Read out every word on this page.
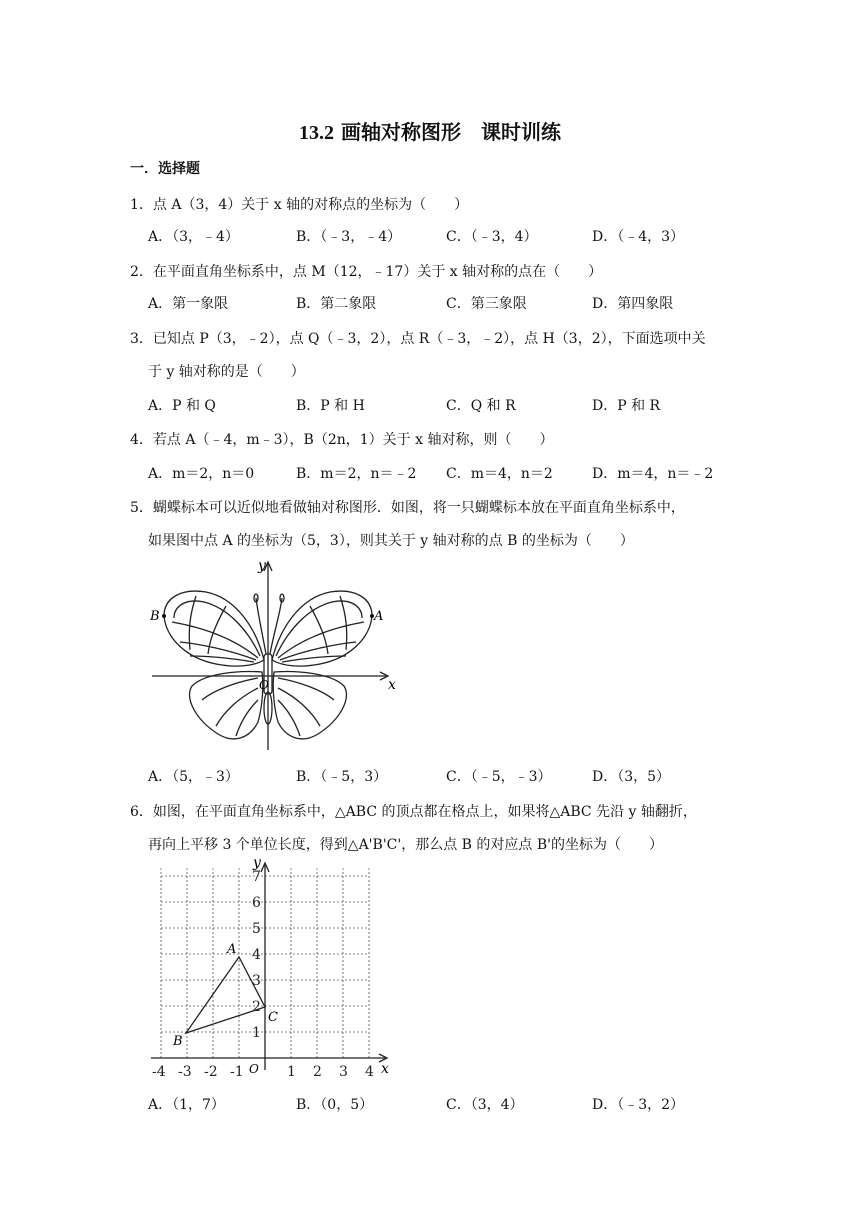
13.2 画轴对称图形　课时训练
一．选择题
1．点 A（3，4）关于 x 轴的对称点的坐标为（　　）
A．（3，﹣4）	B．（﹣3，﹣4）	C．（﹣3，4）	D．（﹣4，3）
2．在平面直角坐标系中，点 M（12，﹣17）关于 x 轴对称的点在（　　）
A．第一象限	B．第二象限	C．第三象限	D．第四象限
3．已知点 P（3，﹣2），点 Q（﹣3，2），点 R（﹣3，﹣2），点 H（3，2），下面选项中关
于 y 轴对称的是（　　）
A．P 和 Q	B．P 和 H	C．Q 和 R	D．P 和 R
4．若点 A（﹣4，m﹣3），B（2n，1）关于 x 轴对称，则（　　）
A．m＝2，n＝0	B．m＝2，n＝﹣2 C．m＝4，n＝2	D．m＝4，n＝﹣2
5．蝴蝶标本可以近似地看做轴对称图形．如图，将一只蝴蝶标本放在平面直角坐标系中，
如果图中点 A 的坐标为（5，3），则其关于 y 轴对称的点 B 的坐标为（　　）
y
x
O
A
B
A．（5，﹣3）	B．（﹣5，3）	C．（﹣5，﹣3）	D．（3，5）
6．如图，在平面直角坐标系中，△ABC 的顶点都在格点上，如果将△ABC 先沿 y 轴翻折，
再向上平移 3 个单位长度，得到△A'B'C'，那么点 B 的对应点 B'的坐标为（　　）
-4 -3 -2 -1	1 2 3 4
1
2
3
4
5
6
7
y
x
O
A
B
C
A．（1，7）	B．（0，5）	C．（3，4）	D．（﹣3，2）
